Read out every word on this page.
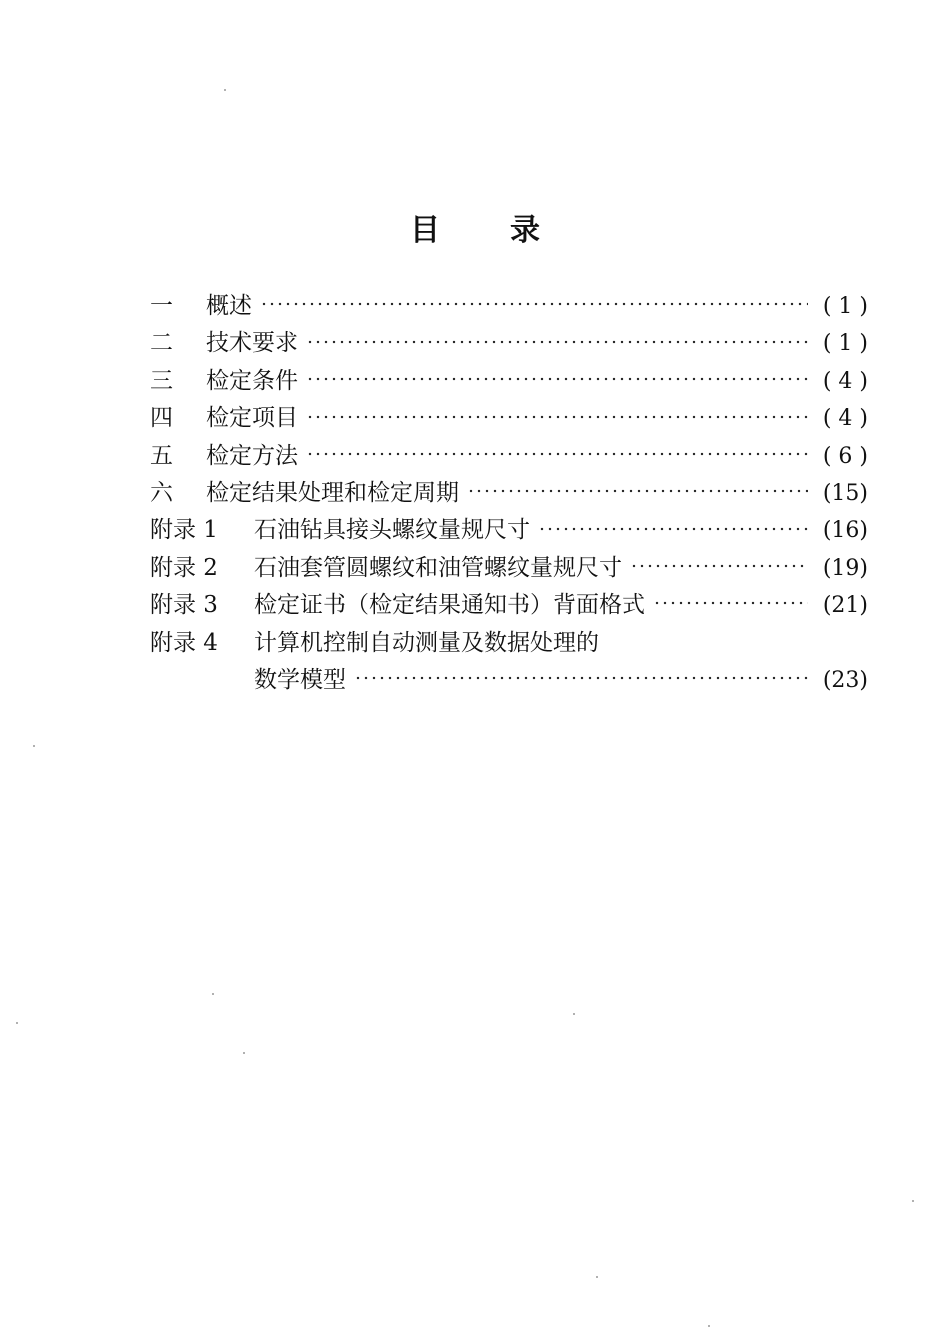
目 录
一	概述	( 1 )
二	技术要求	( 1 )
三	检定条件	( 4 )
四	检定项目	( 4 )
五	检定方法	( 6 )
六	检定结果处理和检定周期	(15)
附录 1	石油钻具接头螺纹量规尺寸	(16)
附录 2	石油套管圆螺纹和油管螺纹量规尺寸	(19)
附录 3	检定证书（检定结果通知书）背面格式	(21)
附录 4	计算机控制自动测量及数据处理的
数学模型	(23)
